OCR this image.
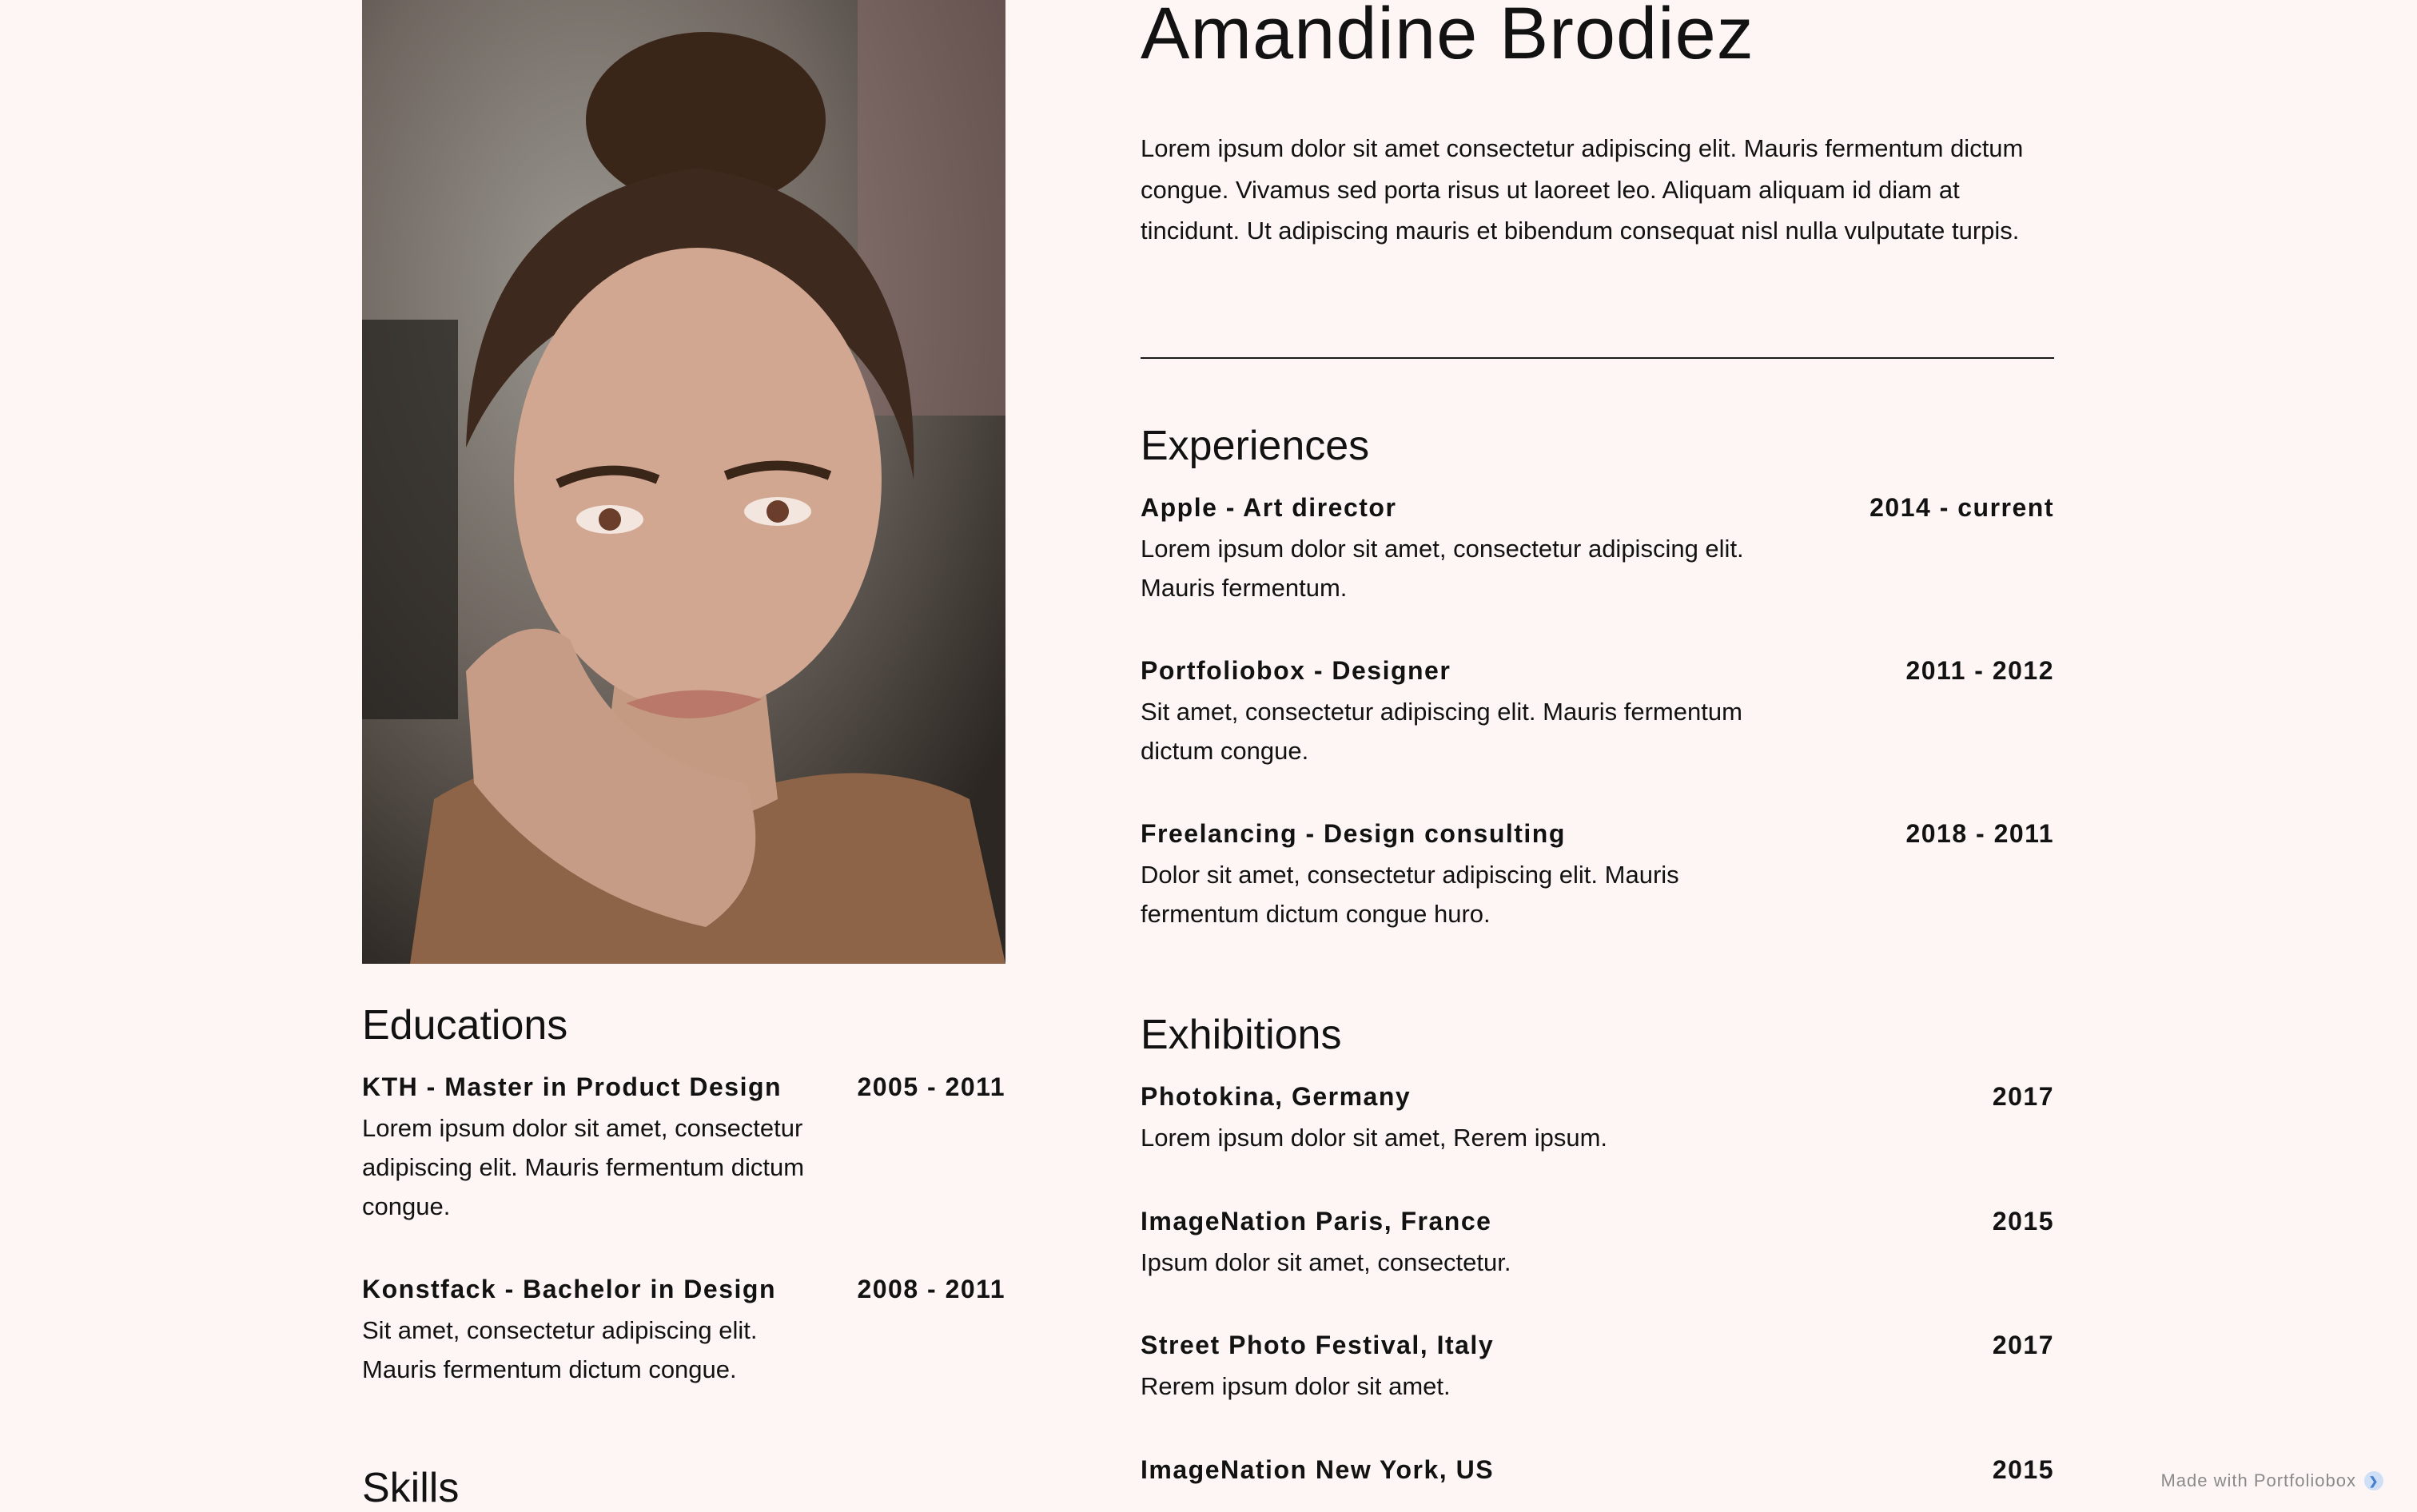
Amandine Brodiez

Lorem ipsum dolor sit amet consectetur adipiscing elit. Mauris fermentum dictum congue. Vivamus sed porta risus ut laoreet leo. Aliquam aliquam id diam at tincidunt. Ut adipiscing mauris et bibendum consequat nisl nulla vulputate turpis.

Experiences
Apple - Art director	2014 - current
Lorem ipsum dolor sit amet, consectetur adipiscing elit. Mauris fermentum.
Portfoliobox - Designer	2011 - 2012
Sit amet, consectetur adipiscing elit. Mauris fermentum dictum congue.
Freelancing - Design consulting	2018 - 2011
Dolor sit amet, consectetur adipiscing elit. Mauris fermentum dictum congue huro.
Exhibitions
Photokina, Germany	2017
Lorem ipsum dolor sit amet, Rerem ipsum.
ImageNation Paris, France	2015
Ipsum dolor sit amet, consectetur.
Street Photo Festival, Italy	2017
Rerem ipsum dolor sit amet.
ImageNation New York, US	2015
Educations
KTH - Master in Product Design	2005 - 2011
Lorem ipsum dolor sit amet, consectetur adipiscing elit. Mauris fermentum dictum congue.
Konstfack - Bachelor in Design	2008 - 2011
Sit amet, consectetur adipiscing elit. Mauris fermentum dictum congue.
Skills	Made with Portfoliobox	❯
